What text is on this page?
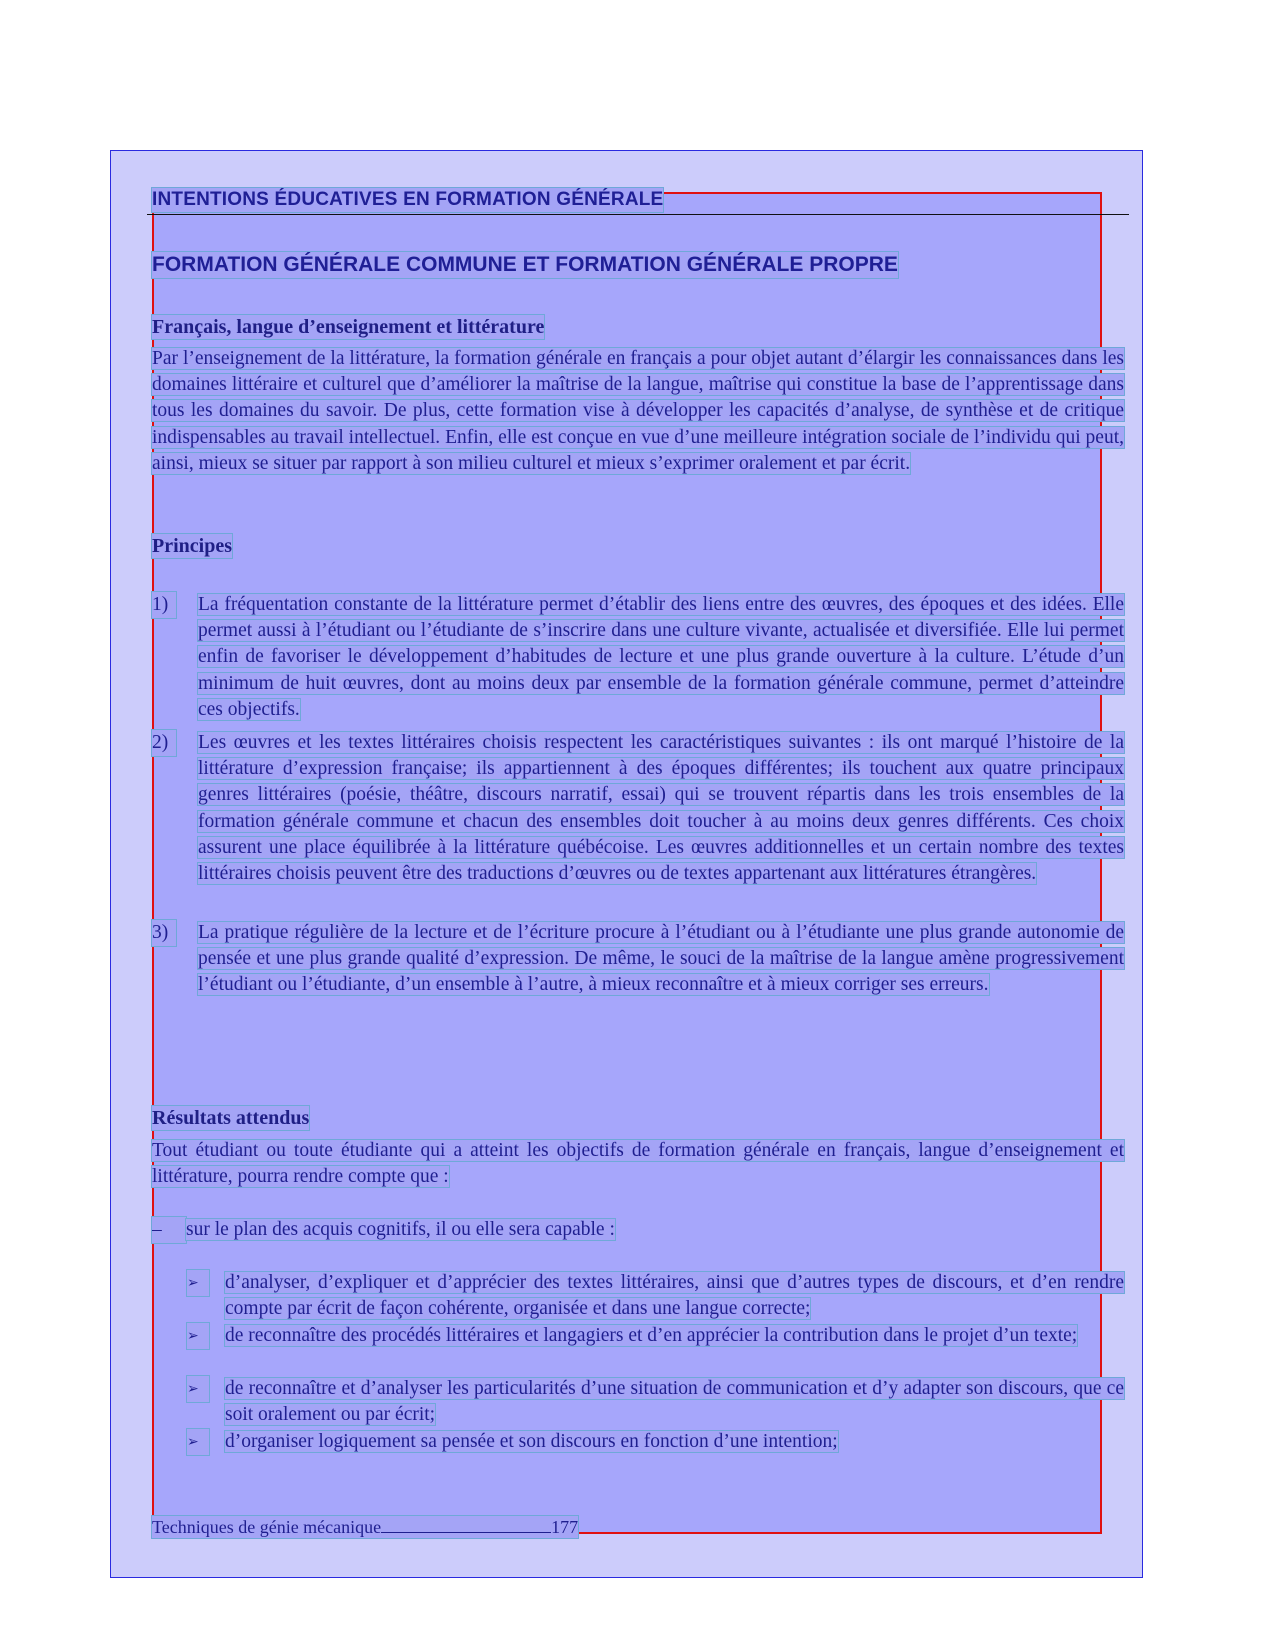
INTENTIONS ÉDUCATIVES EN FORMATION GÉNÉRALE
FORMATION GÉNÉRALE COMMUNE ET FORMATION GÉNÉRALE PROPRE
Français, langue d’enseignement et littérature
Par l’enseignement de la littérature, la formation générale en français a pour objet autant d’élargir les connaissances dans les domaines littéraire et culturel que d’améliorer la maîtrise de la langue, maîtrise qui constitue la base de l’apprentissage dans tous les domaines du savoir. De plus, cette formation vise à développer les capacités d’analyse, de synthèse et de critique indispensables au travail intellectuel. Enfin, elle est conçue en vue d’une meilleure intégration sociale de l’individu qui peut, ainsi, mieux se situer par rapport à son milieu culturel et mieux s’exprimer oralement et par écrit.
Principes
1)	La fréquentation constante de la littérature permet d’établir des liens entre des œuvres, des époques et des idées. Elle permet aussi à l’étudiant ou l’étudiante de s’inscrire dans une culture vivante, actualisée et diversifiée. Elle lui permet enfin de favoriser le développement d’habitudes de lecture et une plus grande ouverture à la culture. L’étude d’un minimum de huit œuvres, dont au moins deux par ensemble de la formation générale commune, permet d’atteindre ces objectifs.
2)	Les œuvres et les textes littéraires choisis respectent les caractéristiques suivantes : ils ont marqué l’histoire de la littérature d’expression française; ils appartiennent à des époques différentes; ils touchent aux quatre principaux genres littéraires (poésie, théâtre, discours narratif, essai) qui se trouvent répartis dans les trois ensembles de la formation générale commune et chacun des ensembles doit toucher à au moins deux genres différents. Ces choix assurent une place équilibrée à la littérature québécoise. Les œuvres additionnelles et un certain nombre des textes littéraires choisis peuvent être des traductions d’œuvres ou de textes appartenant aux littératures étrangères.
3)	La pratique régulière de la lecture et de l’écriture procure à l’étudiant ou à l’étudiante une plus grande autonomie de pensée et une plus grande qualité d’expression. De même, le souci de la maîtrise de la langue amène progressivement l’étudiant ou l’étudiante, d’un ensemble à l’autre, à mieux reconnaître et à mieux corriger ses erreurs.
Résultats attendus
Tout étudiant ou toute étudiante qui a atteint les objectifs de formation générale en français, langue d’enseignement et littérature, pourra rendre compte que :
– sur le plan des acquis cognitifs, il ou elle sera capable :
➢	d’analyser, d’expliquer et d’apprécier des textes littéraires, ainsi que d’autres types de discours, et d’en rendre compte par écrit de façon cohérente, organisée et dans une langue correcte;
➢	de reconnaître des procédés littéraires et langagiers et d’en apprécier la contribution dans le projet d’un texte;
➢	de reconnaître et d’analyser les particularités d’une situation de communication et d’y adapter son discours, que ce soit oralement ou par écrit;
➢	d’organiser logiquement sa pensée et son discours en fonction d’une intention;
Techniques de génie mécanique	177
